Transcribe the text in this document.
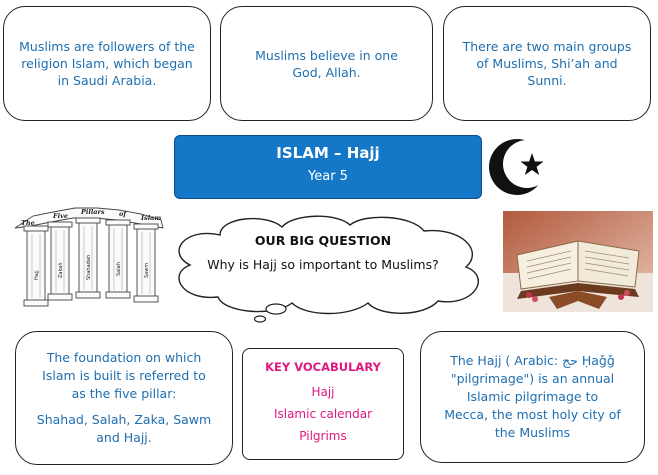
Muslims are followers of the religion Islam, which began in Saudi Arabia.

Muslims believe in one God, Allah.

There are two main groups of Muslims, Shi’ah and Sunni.

ISLAM – Hajj
Year 5
The
Five Pillars of Islam
Hajj	Zakah	Shahadah	Salah	Sawm
OUR BIG QUESTION
Why is Hajj so important to Muslims?

The foundation on which Islam is built is referred to as the five pillar:

Shahad, Salah, Zaka, Sawm and Hajj.

KEY VOCABULARY
Hajj
Islamic calendar
Pilgrims

The Hajj ( Arabic: حج‎ Ḥaǧǧ "pilgrimage") is an annual Islamic pilgrimage to Mecca, the most holy city of the Muslims
